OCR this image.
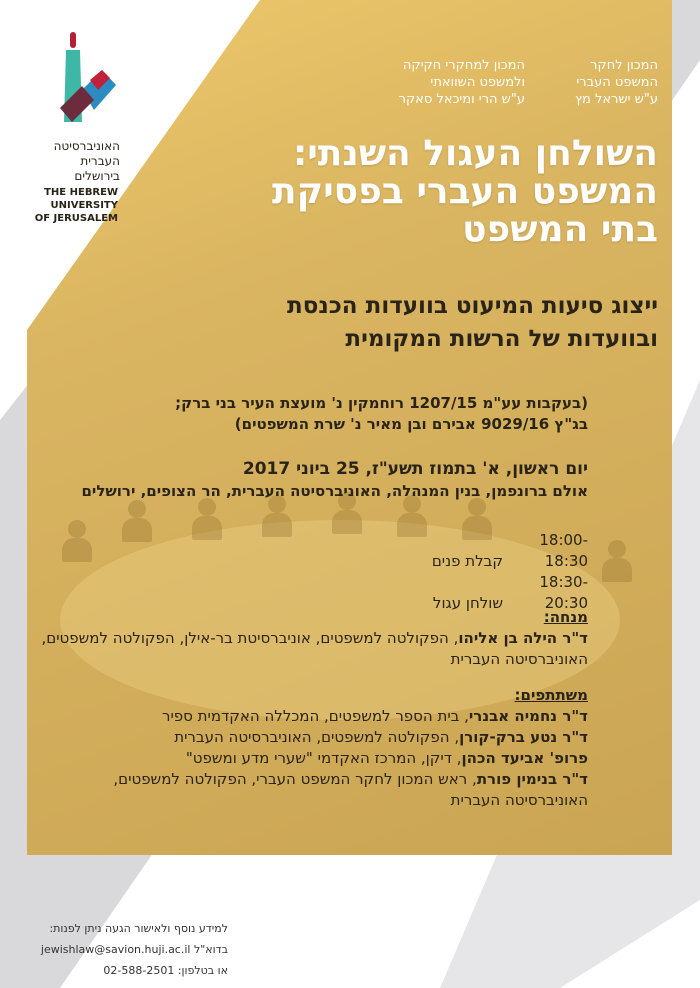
האוניברסיטה
העברית
בירושלים
THE HEBREW
UNIVERSITY
OF JERUSALEM
המכון לחקר
המשפט העברי
ע"ש ישראל מץ
המכון למחקרי חקיקה
ולמשפט השוואתי
ע"ש הרי ומיכאל סאקר
השולחן העגול השנתי:
המשפט העברי בפסיקת
בתי המשפט
ייצוג סיעות המיעוט בוועדות הכנסת
ובוועדות של הרשות המקומית
(בעקבות עע"מ 1207/15 רוחמקין נ' מועצת העיר בני ברק;
בג"ץ 9029/16 אבירם ובן מאיר נ' שרת המשפטים)
יום ראשון, א' בתמוז תשע"ז, 25 ביוני 2017
אולם ברונפמן, בנין המנהלה, האוניברסיטה העברית, הר הצופים, ירושלים
18:00-18:30קבלת פנים
18:30-20:30שולחן עגול
מנחה:
ד"ר הילה בן אליהו, הפקולטה למשפטים, אוניברסיטת בר-אילן, הפקולטה למשפטים,
האוניברסיטה העברית
משתתפים:
ד"ר נחמיה אבנרי, בית הספר למשפטים, המכללה האקדמית ספיר
ד"ר נטע ברק-קורן, הפקולטה למשפטים, האוניברסיטה העברית
פרופ' אביעד הכהן, דיקן, המרכז האקדמי "שערי מדע ומשפט"
ד"ר בנימין פורת, ראש המכון לחקר המשפט העברי, הפקולטה למשפטים,
האוניברסיטה העברית
למידע נוסף ולאישור הגעה ניתן לפנות:
בדוא"ל jewishlaw@savion.huji.ac.il
או בטלפון: 02-588-2501
